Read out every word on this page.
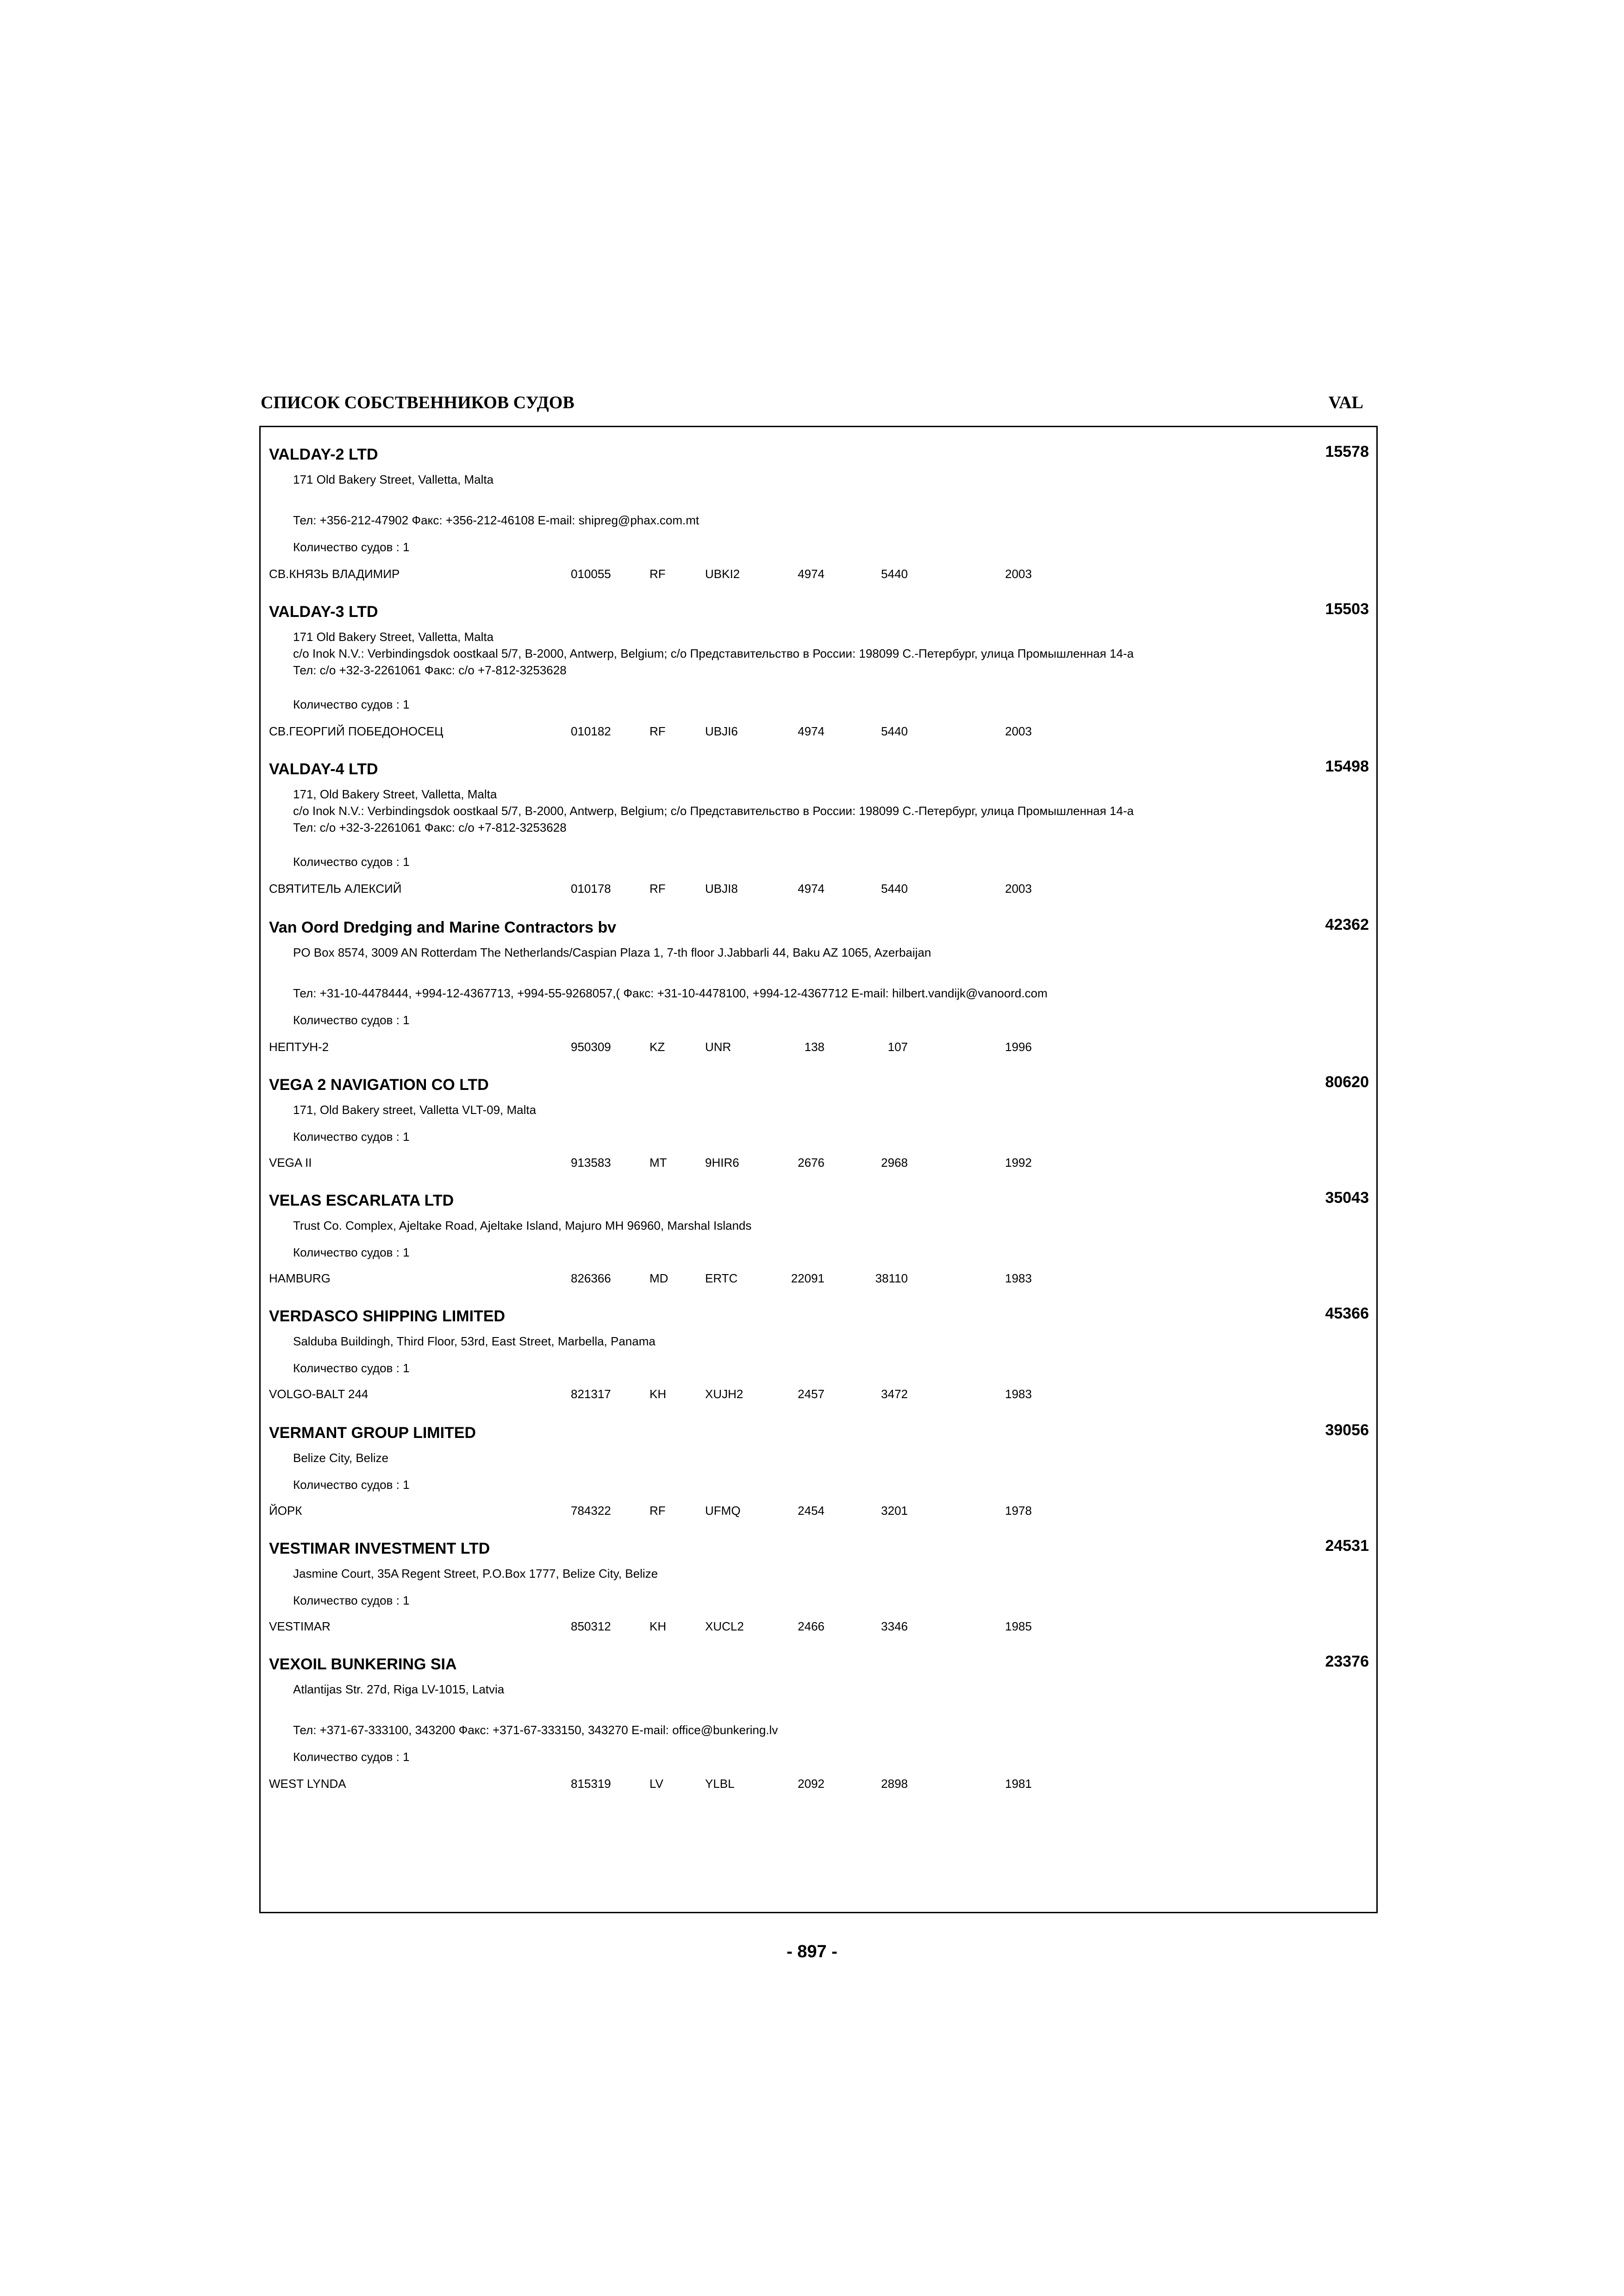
СПИСОК СОБСТВЕННИКОВ СУДОВ	VAL
VALDAY-2 LTD	15578
171 Old Bakery Street, Valletta, Malta
Тел: +356-212-47902 Факс: +356-212-46108 E-mail: shipreg@phax.com.mt
Количество судов : 1
СВ.КНЯЗЬ ВЛАДИМИР	010055	RF	UBKI2	4974	5440	2003
VALDAY-3 LTD	15503
171 Old Bakery Street, Valletta, Malta
c/o Inok N.V.: Verbindingsdok oostkaal 5/7, B-2000, Antwerp, Belgium; c/o Представительство в России: 198099 С.-Петербург, улица Промышленная 14-а
Тел: c/o +32-3-2261061 Факс: c/o +7-812-3253628
Количество судов : 1
СВ.ГЕОРГИЙ ПОБЕДОНОСЕЦ	010182	RF	UBJI6	4974	5440	2003
VALDAY-4 LTD	15498
171, Old Bakery Street, Valletta, Malta
c/o Inok N.V.: Verbindingsdok oostkaal 5/7, B-2000, Antwerp, Belgium; c/o Представительство в России: 198099 С.-Петербург, улица Промышленная 14-а
Тел: c/o +32-3-2261061 Факс: c/o +7-812-3253628
Количество судов : 1
СВЯТИТЕЛЬ АЛЕКСИЙ	010178	RF	UBJI8	4974	5440	2003
Van Oord Dredging and Marine Contractors bv	42362
PO Box 8574, 3009 AN Rotterdam The Netherlands/Caspian Plaza 1, 7-th floor J.Jabbarli 44, Baku AZ 1065, Azerbaijan
Тел: +31-10-4478444, +994-12-4367713, +994-55-9268057,( Факс: +31-10-4478100, +994-12-4367712 E-mail: hilbert.vandijk@vanoord.com
Количество судов : 1
НЕПТУН-2	950309	KZ	UNR	138	107	1996
VEGA 2 NAVIGATION CO LTD	80620
171, Old Bakery street, Valletta VLT-09, Malta
Количество судов : 1
VEGA II	913583	MT	9HIR6	2676	2968	1992
VELAS ESCARLATA LTD	35043
Trust Co. Complex, Ajeltake Road, Ajeltake Island, Majuro MH 96960, Marshal Islands
Количество судов : 1
HAMBURG	826366	MD	ERTC	22091	38110	1983
VERDASCO SHIPPING LIMITED	45366
Salduba Buildingh, Third Floor, 53rd, East Street, Marbella, Panama
Количество судов : 1
VOLGO-BALT 244	821317	KH	XUJH2	2457	3472	1983
VERMANT GROUP LIMITED	39056
Belize City, Belize
Количество судов : 1
ЙОРК	784322	RF	UFMQ	2454	3201	1978
VESTIMAR INVESTMENT LTD	24531
Jasmine Court, 35A Regent Street, P.O.Box 1777, Belize City, Belize
Количество судов : 1
VESTIMAR	850312	KH	XUCL2	2466	3346	1985
VEXOIL BUNKERING SIA	23376
Atlantijas Str. 27d, Riga LV-1015, Latvia
Тел: +371-67-333100, 343200 Факс: +371-67-333150, 343270 E-mail: office@bunkering.lv
Количество судов : 1
WEST LYNDA	815319	LV	YLBL	2092	2898	1981
- 897 -
